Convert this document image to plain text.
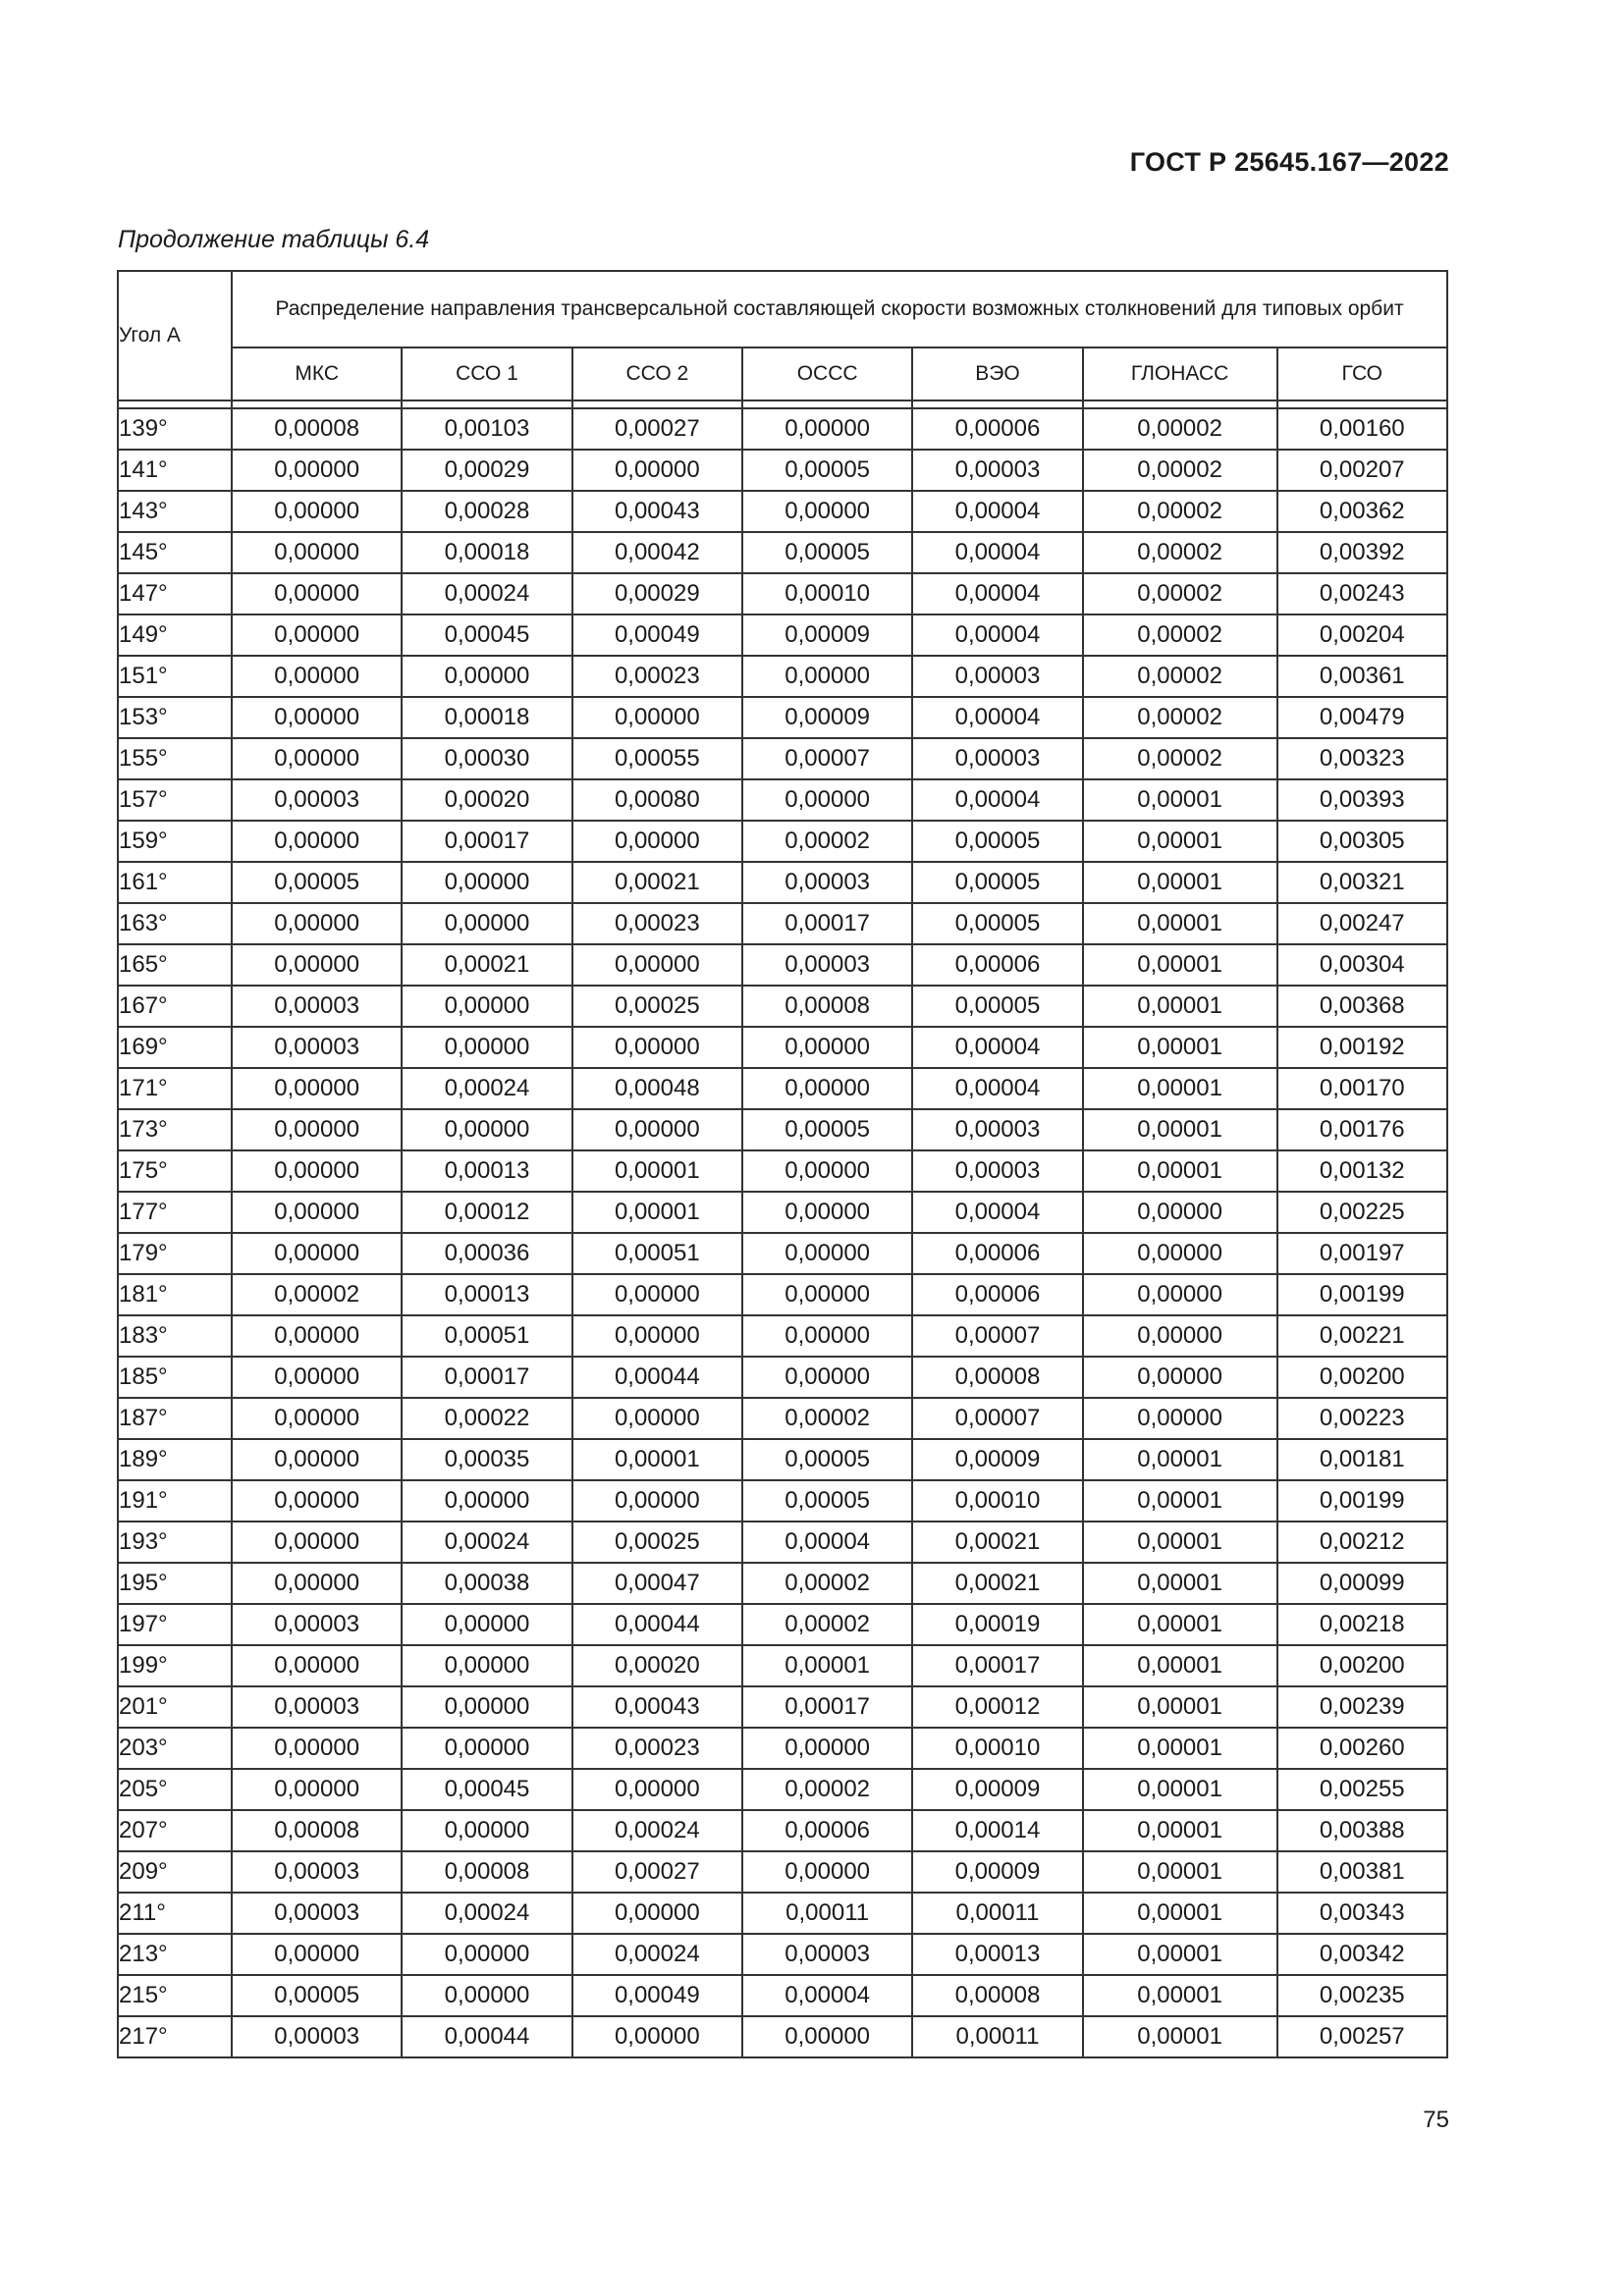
ГОСТ Р 25645.167—2022
Продолжение таблицы 6.4
Угол А	Распределение направления трансверсальной составляющей скорости возможных столкновений для типовых орбит						
	МКС	ССО 1	ССО 2	ОССС	ВЭО	ГЛОНАСС	ГСО

139°	0,00008	0,00103	0,00027	0,00000	0,00006	0,00002	0,00160
141°	0,00000	0,00029	0,00000	0,00005	0,00003	0,00002	0,00207
143°	0,00000	0,00028	0,00043	0,00000	0,00004	0,00002	0,00362
145°	0,00000	0,00018	0,00042	0,00005	0,00004	0,00002	0,00392
147°	0,00000	0,00024	0,00029	0,00010	0,00004	0,00002	0,00243
149°	0,00000	0,00045	0,00049	0,00009	0,00004	0,00002	0,00204
151°	0,00000	0,00000	0,00023	0,00000	0,00003	0,00002	0,00361
153°	0,00000	0,00018	0,00000	0,00009	0,00004	0,00002	0,00479
155°	0,00000	0,00030	0,00055	0,00007	0,00003	0,00002	0,00323
157°	0,00003	0,00020	0,00080	0,00000	0,00004	0,00001	0,00393
159°	0,00000	0,00017	0,00000	0,00002	0,00005	0,00001	0,00305
161°	0,00005	0,00000	0,00021	0,00003	0,00005	0,00001	0,00321
163°	0,00000	0,00000	0,00023	0,00017	0,00005	0,00001	0,00247
165°	0,00000	0,00021	0,00000	0,00003	0,00006	0,00001	0,00304
167°	0,00003	0,00000	0,00025	0,00008	0,00005	0,00001	0,00368
169°	0,00003	0,00000	0,00000	0,00000	0,00004	0,00001	0,00192
171°	0,00000	0,00024	0,00048	0,00000	0,00004	0,00001	0,00170
173°	0,00000	0,00000	0,00000	0,00005	0,00003	0,00001	0,00176
175°	0,00000	0,00013	0,00001	0,00000	0,00003	0,00001	0,00132
177°	0,00000	0,00012	0,00001	0,00000	0,00004	0,00000	0,00225
179°	0,00000	0,00036	0,00051	0,00000	0,00006	0,00000	0,00197
181°	0,00002	0,00013	0,00000	0,00000	0,00006	0,00000	0,00199
183°	0,00000	0,00051	0,00000	0,00000	0,00007	0,00000	0,00221
185°	0,00000	0,00017	0,00044	0,00000	0,00008	0,00000	0,00200
187°	0,00000	0,00022	0,00000	0,00002	0,00007	0,00000	0,00223
189°	0,00000	0,00035	0,00001	0,00005	0,00009	0,00001	0,00181
191°	0,00000	0,00000	0,00000	0,00005	0,00010	0,00001	0,00199
193°	0,00000	0,00024	0,00025	0,00004	0,00021	0,00001	0,00212
195°	0,00000	0,00038	0,00047	0,00002	0,00021	0,00001	0,00099
197°	0,00003	0,00000	0,00044	0,00002	0,00019	0,00001	0,00218
199°	0,00000	0,00000	0,00020	0,00001	0,00017	0,00001	0,00200
201°	0,00003	0,00000	0,00043	0,00017	0,00012	0,00001	0,00239
203°	0,00000	0,00000	0,00023	0,00000	0,00010	0,00001	0,00260
205°	0,00000	0,00045	0,00000	0,00002	0,00009	0,00001	0,00255
207°	0,00008	0,00000	0,00024	0,00006	0,00014	0,00001	0,00388
209°	0,00003	0,00008	0,00027	0,00000	0,00009	0,00001	0,00381
211°	0,00003	0,00024	0,00000	0,00011	0,00011	0,00001	0,00343
213°	0,00000	0,00000	0,00024	0,00003	0,00013	0,00001	0,00342
215°	0,00005	0,00000	0,00049	0,00004	0,00008	0,00001	0,00235
217°	0,00003	0,00044	0,00000	0,00000	0,00011	0,00001	0,00257
75
